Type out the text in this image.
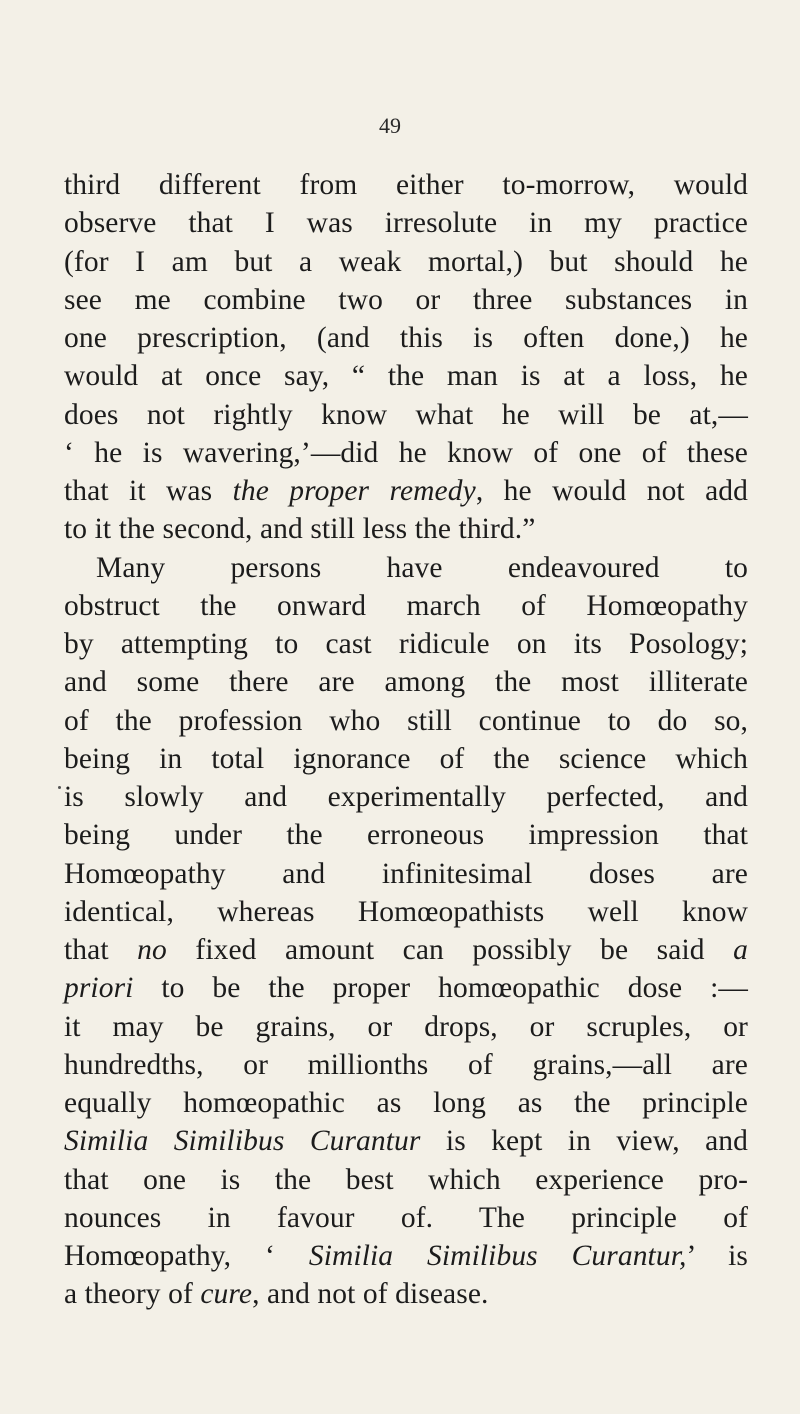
49
third different from either to-morrow, would
observe that I was irresolute in my practice
(for I am but a weak mortal,) but should he
see me combine two or three substances in
one prescription, (and this is often done,) he
would at once say, “ the man is at a loss, he
does not rightly know what he will be at,—
‘ he is wavering,’—did he know of one of these
that it was the proper remedy, he would not add
to it the second, and still less the third.”
Many persons have endeavoured to
obstruct the onward march of Homœopathy
by attempting to cast ridicule on its Posology;
and some there are among the most illiterate
of the profession who still continue to do so,
being in total ignorance of the science which
is slowly and experimentally perfected, and
being under the erroneous impression that
Homœopathy and infinitesimal doses are
identical, whereas Homœopathists well know
that no fixed amount can possibly be said a
priori to be the proper homœopathic dose :—
it may be grains, or drops, or scruples, or
hundredths, or millionths of grains,—all are
equally homœopathic as long as the principle
Similia Similibus Curantur is kept in view, and
that one is the best which experience pro-
nounces in favour of. The principle of
Homœopathy, ‘ Similia Similibus Curantur,’ is
a theory of cure, and not of disease.
